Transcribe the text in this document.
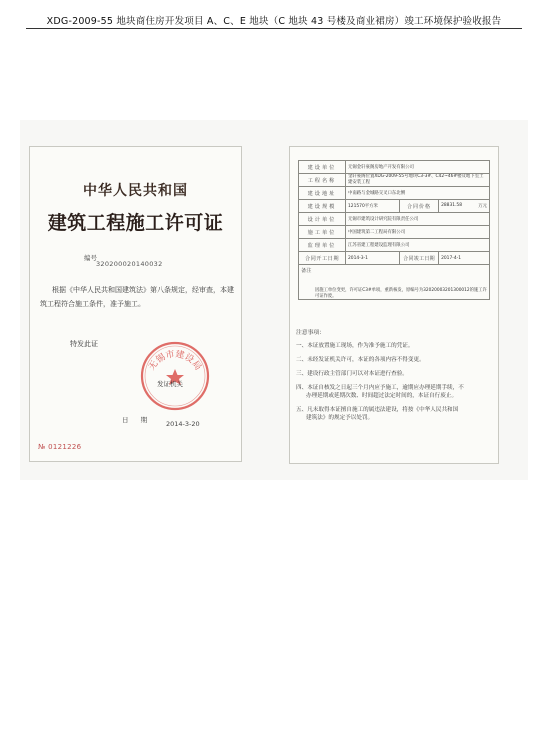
XDG-2009-55 地块商住房开发项目 A、C、E 地块（C 地块 43 号楼及商业裙房）竣工环境保护验收报告
中华人民共和国
建筑工程施工许可证
编号
320200020140032
根据《中华人民共和国建筑法》第八条规定，经审查，本建筑工程符合施工条件，准予施工。
特发此证
无锡市建设局
发证机关
日 期 2014-3-20
№ 0121226
建设单位	无锡金轩豪阁房地产开发有限公司		
工程名称	金轩豪阁位置XDG-2009-55号地块C3-3#、C42~46#楼及地下室土建安装工程		
建设地址	中南路与金城路交叉口东北侧		
建设规模	121570平方米	合同价格	28831.58 万元

设计单位	无锡市建筑设计研究院有限责任公司		
施工单位	中国建筑第二工程局有限公司		
监理单位	江苏省建工程建设监理有限公司		
合同开工日期	2014-3-1	合同竣工日期	2017-4-1

备注
因施工单位变更，许可证C3#单项，重新核发，原编号为32020003201300012的施工许可证作废。			
注意事项：
一、本证放置施工现场，作为准予施工的凭证。
二、未经发证机关许可，本证的各项内容不得变更。
三、建设行政主管部门可以对本证进行查验。
四、本证自核发之日起三个月内应予施工，逾期应办理延期手续，不
办理延期或延期次数、时间超过法定时间的，本证自行废止。
五、凡未取得本证擅自施工的属违法建设，将按《中华人民共和国
建筑法》的规定予以处罚。
